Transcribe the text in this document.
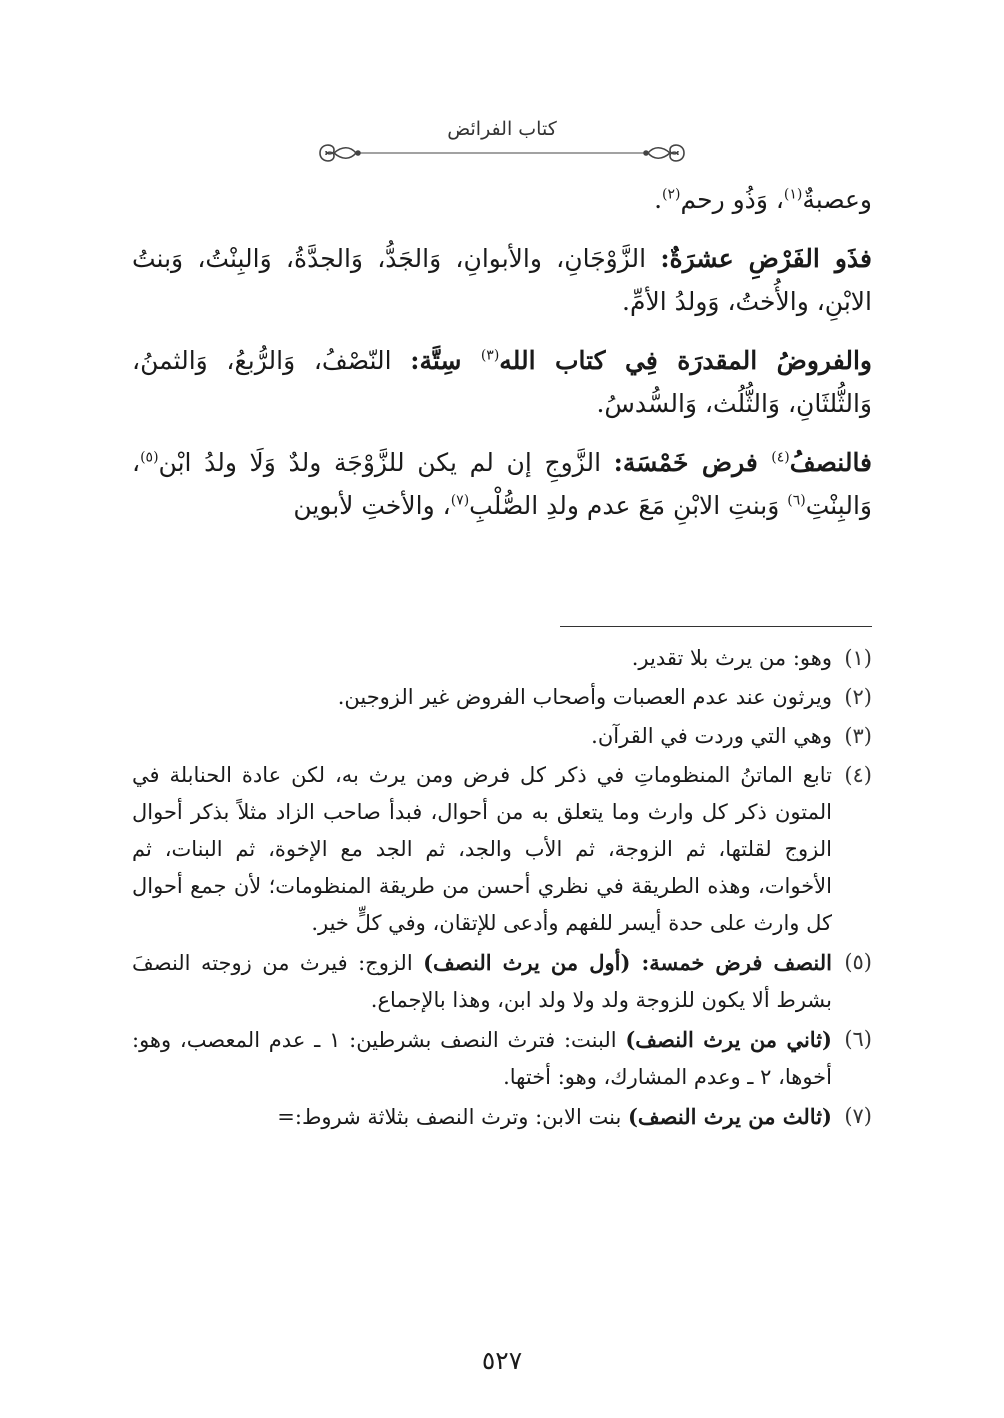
كتاب الفرائض

وعصبةٌ$^{(١)}$، وَذُو رحم$^{(٢)}$.

فذَو الفَرْضِ عشرَةٌ: الزَّوْجَانِ، والأبوانِ، وَالجَدُّ، وَالجدَّةُ، وَالبِنْتُ، وَبنتُ الابْنِ، والأُختُ، وَولدُ الأمِّ.

والفروضُ المقدرَة فِي كتاب الله$^{(٣)}$ سِتَّة: النّصْفُ، وَالرُّبعُ، وَالثمنُ، وَالثُّلثَانِ، وَالثُّلُث، وَالسُّدسُ.

فالنصفُ$^{(٤)}$ فرض خَمْسَة: الزَّوجِ إن لم يكن للزَّوْجَة ولدٌ وَلَا ولدُ ابْن$^{(٥)}$، وَالبِنْتِ$^{(٦)}$ وَبنتِ الابْنِ مَعَ عدم ولدِ الصُّلْبِ$^{(٧)}$، والأختِ لأبوين

(١)
وهو: من يرث بلا تقدير.
(٢)
ويرثون عند عدم العصبات وأصحاب الفروض غير الزوجين.
(٣)
وهي التي وردت في القرآن.
(٤)
تابع الماتنُ المنظوماتِ في ذكر كل فرض ومن يرث به، لكن عادة الحنابلة في المتون ذكر كل وارث وما يتعلق به من أحوال، فبدأ صاحب الزاد مثلاً بذكر أحوال الزوج لقلتها، ثم الزوجة، ثم الأب والجد، ثم الجد مع الإخوة، ثم البنات، ثم الأخوات، وهذه الطريقة في نظري أحسن من طريقة المنظومات؛ لأن جمع أحوال كل وارث على حدة أيسر للفهم وأدعى للإتقان، وفي كلٍّ خير.
(٥)
النصف فرض خمسة: (أول من يرث النصف) الزوج: فيرث من زوجته النصفَ بشرط ألا يكون للزوجة ولد ولا ولد ابن، وهذا بالإجماع.
(٦)
(ثاني من يرث النصف) البنت: فترث النصف بشرطين: ١ ـ عدم المعصب، وهو: أخوها، ٢ ـ وعدم المشارك، وهو: أختها.
(٧)
(ثالث من يرث النصف) بنت الابن: وترث النصف بثلاثة شروط:=
٥٢٧
